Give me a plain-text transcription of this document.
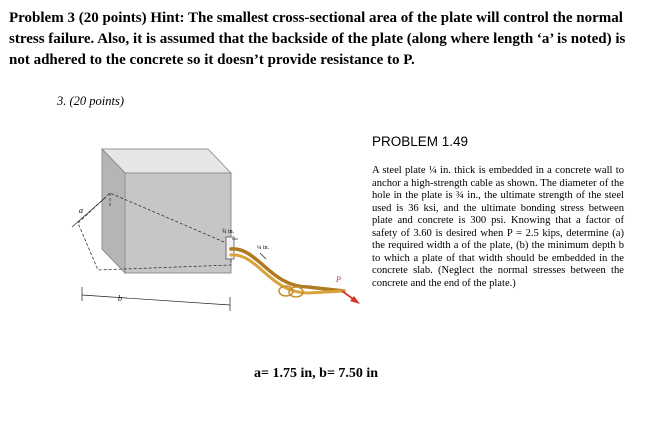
Problem 3 (20 points) Hint: The smallest cross-sectional area of the plate will control the normal stress failure. Also, it is assumed that the backside of the plate (along where length ‘a’ is noted) is not adhered to the concrete so it doesn’t provide resistance to P.

3. (20 points)
a
b
¾ in.
¼ in.
P
PROBLEM 1.49

A steel plate ¼ in. thick is embedded in a concrete wall to anchor a high-strength cable as shown. The diameter of the hole in the plate is ¾ in., the ultimate strength of the steel used is 36 ksi, and the ultimate bonding stress between plate and concrete is 300 psi. Knowing that a factor of safety of 3.60 is desired when P = 2.5 kips, determine (a) the required width a of the plate, (b) the minimum depth b to which a plate of that width should be embedded in the concrete slab. (Neglect the normal stresses between the concrete and the end of the plate.)

a= 1.75 in, b= 7.50 in
